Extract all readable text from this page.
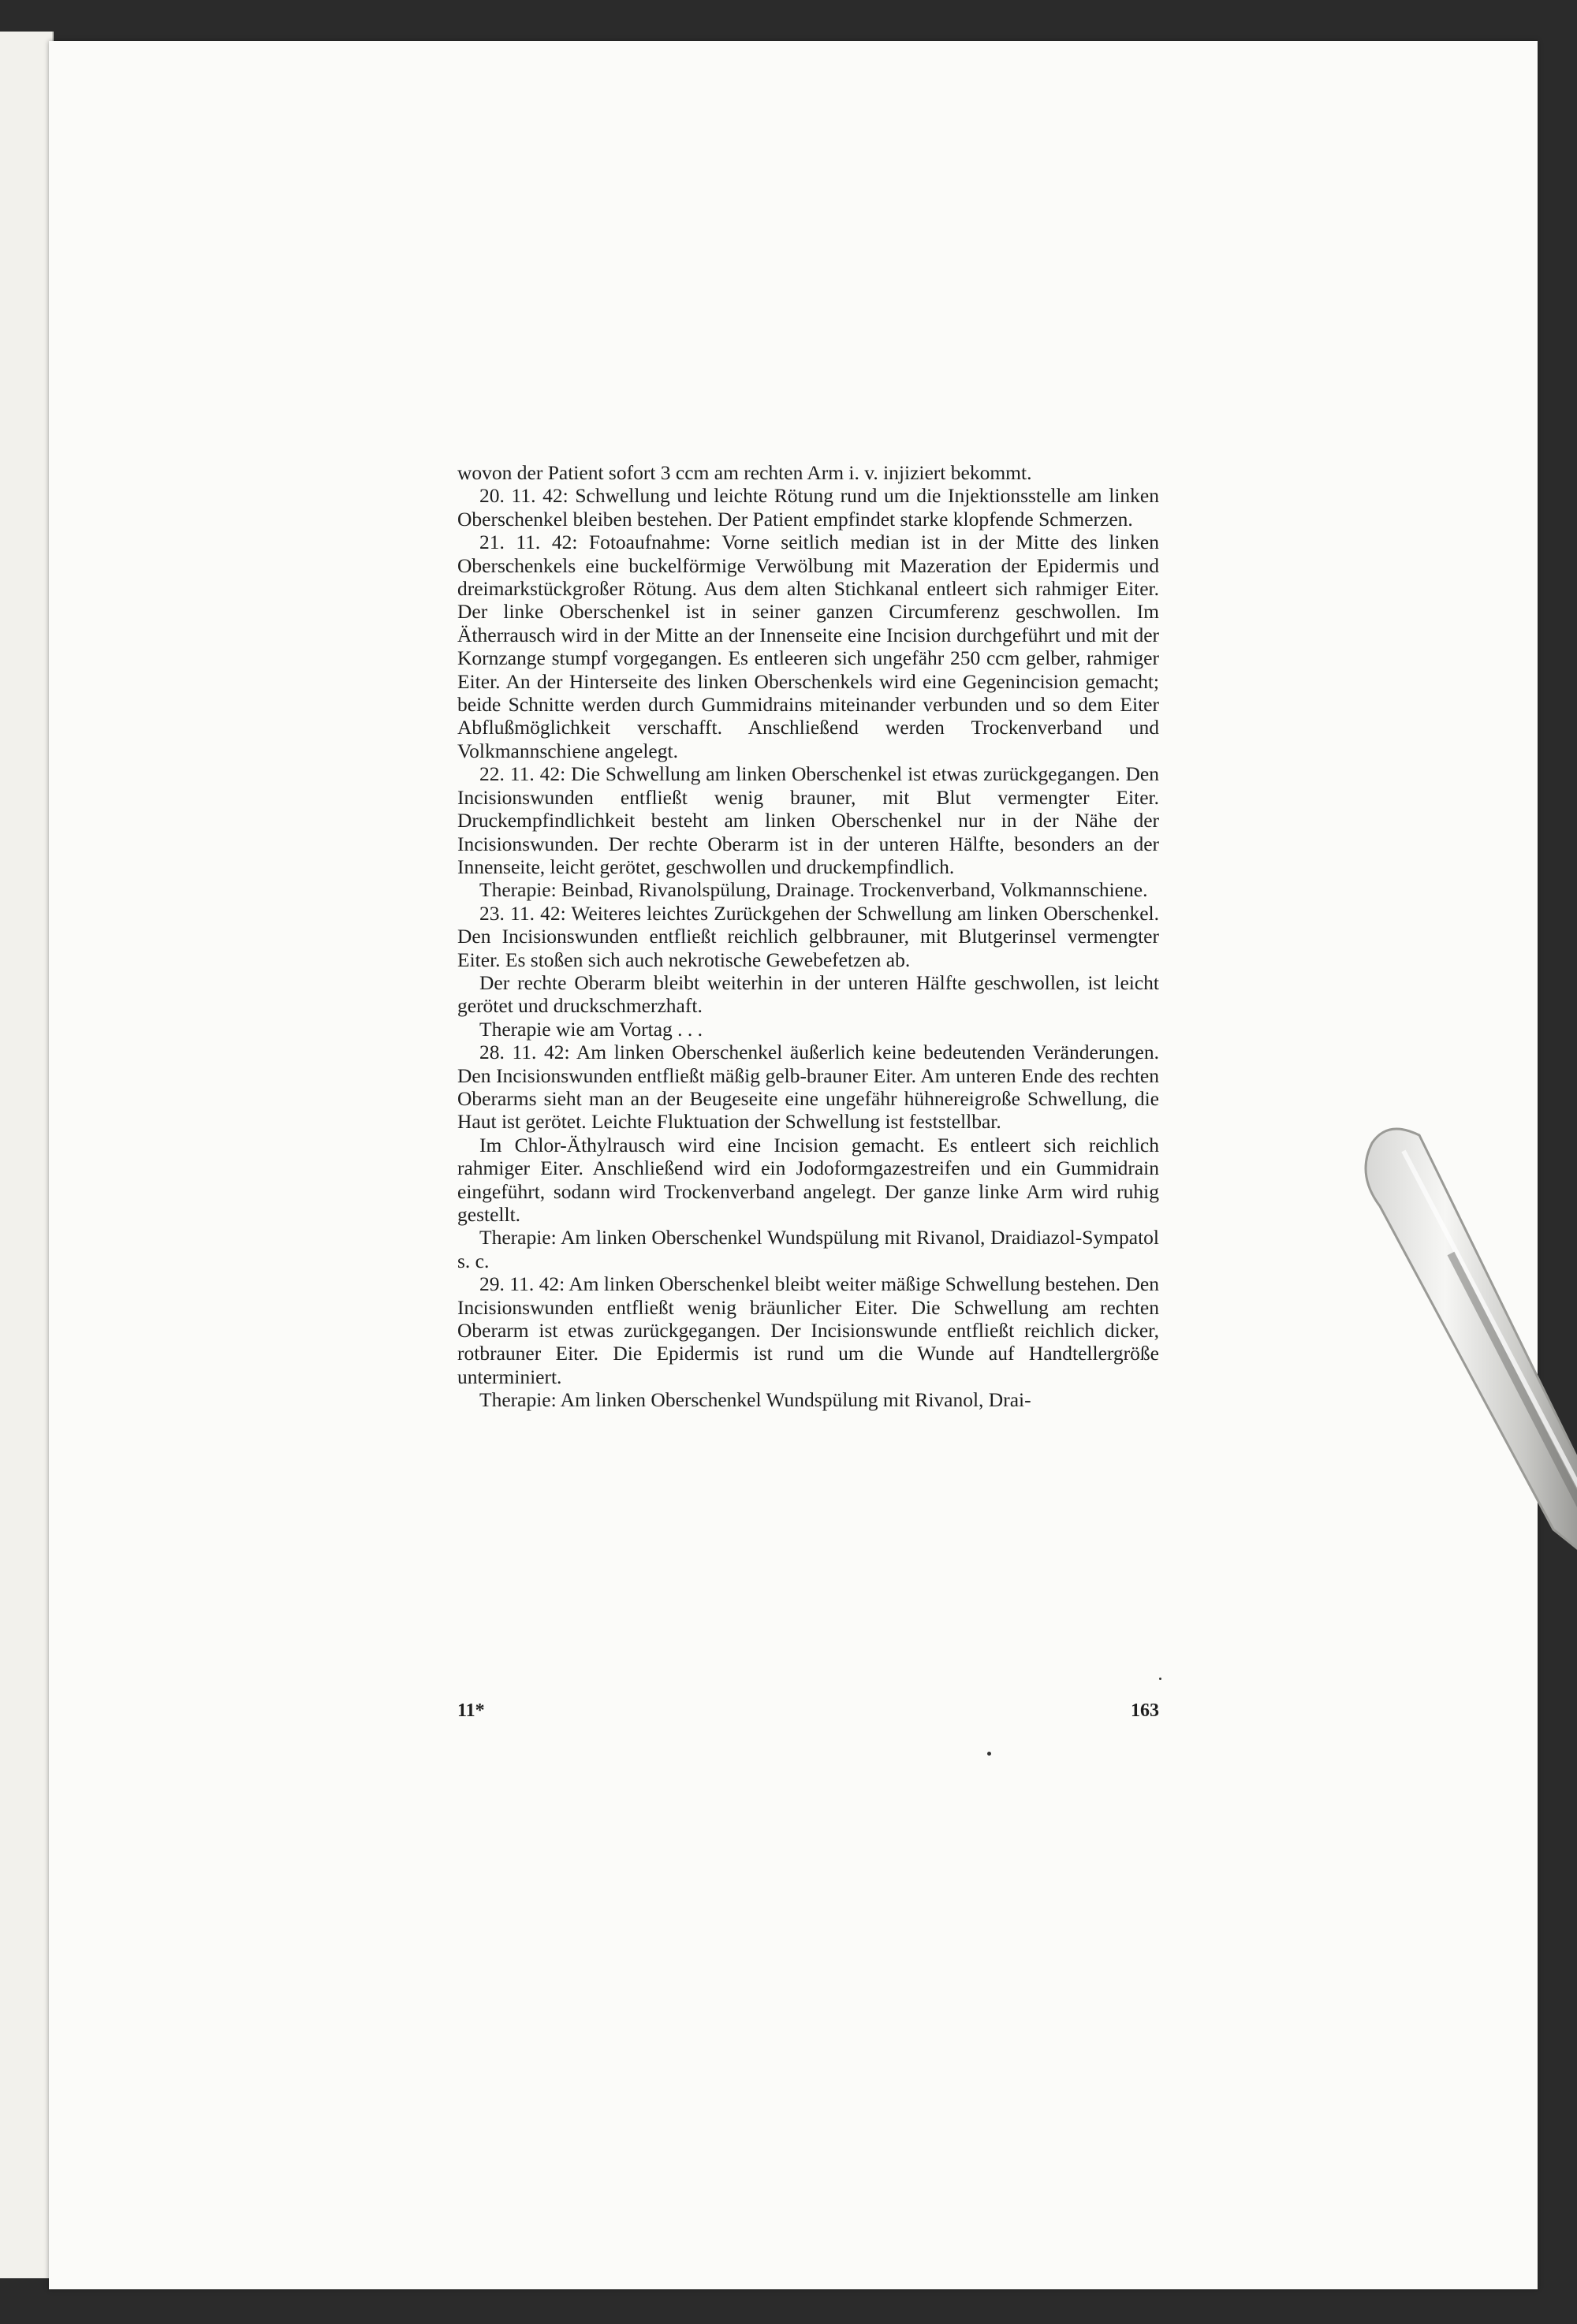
wovon der Patient sofort 3 ccm am rechten Arm i. v. injiziert bekommt.

20. 11. 42: Schwellung und leichte Rötung rund um die Injektionsstelle am linken Oberschenkel bleiben bestehen. Der Patient empfindet starke klopfende Schmerzen.

21. 11. 42: Fotoaufnahme: Vorne seitlich median ist in der Mitte des linken Oberschenkels eine buckelförmige Verwölbung mit Mazeration der Epidermis und dreimarkstückgroßer Rötung. Aus dem alten Stichkanal entleert sich rahmiger Eiter. Der linke Oberschenkel ist in seiner ganzen Circumferenz geschwollen. Im Ätherrausch wird in der Mitte an der Innenseite eine Incision durchgeführt und mit der Kornzange stumpf vorgegangen. Es entleeren sich ungefähr 250 ccm gelber, rahmiger Eiter. An der Hinterseite des linken Oberschenkels wird eine Gegenincision gemacht; beide Schnitte werden durch Gummidrains miteinander verbunden und so dem Eiter Abflußmöglichkeit verschafft. Anschließend werden Trockenverband und Volkmannschiene angelegt.

22. 11. 42: Die Schwellung am linken Oberschenkel ist etwas zurückgegangen. Den Incisionswunden entfließt wenig brauner, mit Blut vermengter Eiter. Druckempfindlichkeit besteht am linken Oberschenkel nur in der Nähe der Incisionswunden. Der rechte Oberarm ist in der unteren Hälfte, besonders an der Innenseite, leicht gerötet, geschwollen und druckempfindlich.

Therapie: Beinbad, Rivanolspülung, Drainage. Trockenverband, Volkmannschiene.

23. 11. 42: Weiteres leichtes Zurückgehen der Schwellung am linken Oberschenkel. Den Incisionswunden entfließt reichlich gelbbrauner, mit Blutgerinsel vermengter Eiter. Es stoßen sich auch nekrotische Gewebefetzen ab.

Der rechte Oberarm bleibt weiterhin in der unteren Hälfte geschwollen, ist leicht gerötet und druckschmerzhaft.

Therapie wie am Vortag . . .

28. 11. 42: Am linken Oberschenkel äußerlich keine bedeutenden Veränderungen. Den Incisionswunden entfließt mäßig gelb-brauner Eiter. Am unteren Ende des rechten Oberarms sieht man an der Beugeseite eine ungefähr hühnereigroße Schwellung, die Haut ist gerötet. Leichte Fluktuation der Schwellung ist feststellbar.

Im Chlor-Äthylrausch wird eine Incision gemacht. Es entleert sich reichlich rahmiger Eiter. Anschließend wird ein Jodoformgazestreifen und ein Gummidrain eingeführt, sodann wird Trockenverband angelegt. Der ganze linke Arm wird ruhig gestellt.

Therapie: Am linken Oberschenkel Wundspülung mit Rivanol, Draidiazol-Sympatol s. c.

29. 11. 42: Am linken Oberschenkel bleibt weiter mäßige Schwellung bestehen. Den Incisionswunden entfließt wenig bräunlicher Eiter. Die Schwellung am rechten Oberarm ist etwas zurückgegangen. Der Incisionswunde entfließt reichlich dicker, rotbrauner Eiter. Die Epidermis ist rund um die Wunde auf Handtellergröße unterminiert.

Therapie: Am linken Oberschenkel Wundspülung mit Rivanol, Drai-

11*	163
